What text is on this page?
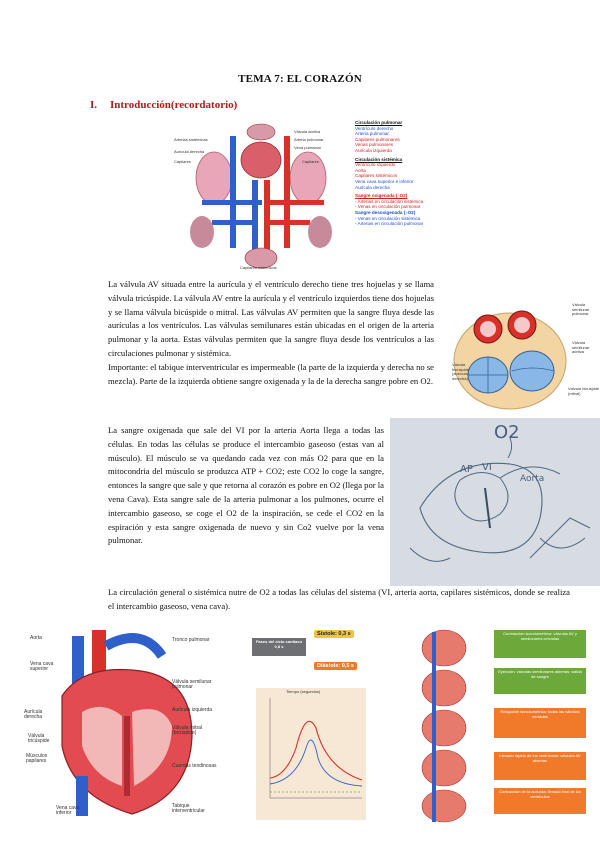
TEMA 7: EL CORAZÓN
I. Introducción(recordatorio)
Arterias sistémicas
Aurícula derecha
Capilares
Válvula aórtica
Arteria pulmonar
Vena pulmonar
Capilares
Capilares sistémicos
Circulación pulmonar
Ventrículo derecho
Arteria pulmonar
Capilares pulmonares
Venas pulmonares
Aurícula izquierda
Circulación sistémica
Ventrículo izquierdo
Aorta
Capilares sistémicos
Vena cava superior e inferior
Aurícula derecha
Sangre oxigenada (↑O2)
- Arterias en circulación sistémica
- Venas en circulación pulmonar
Sangre desoxigenada (↓O2)
- Venas en circulación sistémica
- Arterias en circulación pulmonar

La válvula AV situada entre la aurícula y el ventrículo derecho tiene tres hojuelas y se llama válvula tricúspide. La válvula AV entre la aurícula y el ventrículo izquierdos tiene dos hojuelas y se llama válvula bicúspide o mitral. Las válvulas AV permiten que la sangre fluya desde las aurículas a los ventrículos. Las válvulas semilunares están ubicadas en el origen de la arteria pulmonar y la aorta. Estas válvulas permiten que la sangre fluya desde los ventrículos a las circulaciones pulmonar y sistémica.

Importante: el tabique interventricular es impermeable (la parte de la izquierda y derecha no se mezcla). Parte de la izquierda obtiene sangre oxigenada y la de la derecha sangre pobre en O2.

Válvula semilunar pulmonar
Válvula semilunar aórtica
Válvula tricúspide (aurícula derecha)
Válvula bicúspide (mitral)

La sangre oxigenada que sale del VI por la arteria Aorta llega a todas las células. En todas las células se produce el intercambio gaseoso (estas van al músculo). El músculo se va quedando cada vez con más O2 para que en la mitocondria del músculo se produzca ATP + CO2; este CO2 lo coge la sangre, entonces la sangre que sale y que retorna al corazón es pobre en O2 (llega por la vena Cava). Esta sangre sale de la arteria pulmonar a los pulmones, ocurre el intercambio gaseoso, se coge el O2 de la inspiración, se cede el CO2 en la espiración y esta sangre oxigenada de nuevo y sin Co2 vuelve por la vena pulmonar.

O2
AP VI
Aorta

La circulación general o sistémica nutre de O2 a todas las células del sistema (VI, arteria aorta, capilares sistémicos, donde se realiza el intercambio gaseoso, vena cava).

Aorta
Vena cava superior
Aurícula derecha
Válvula tricúspide
Músculos papilares
Vena cava inferior
Tronco pulmonar
Válvula semilunar pulmonar
Aurícula izquierda
Válvula mitral (bicúspide)
Cuerdas tendinosas
Tabique interventricular
Fases del ciclo cardíaco 0,8 s
Sístole: 0,3 s
Diástole: 0,5 s
Tiempo (segundos)
Contracción isovolumétrica: válvulas AV y semilunares cerradas
Eyección: válvulas semilunares abiertas; salida de sangre
Relajación isovolumétrica: todas las válvulas cerradas
Llenado rápido de los ventrículos: válvulas AV abiertas
Contracción de la aurícula: llenado final de los ventrículos
